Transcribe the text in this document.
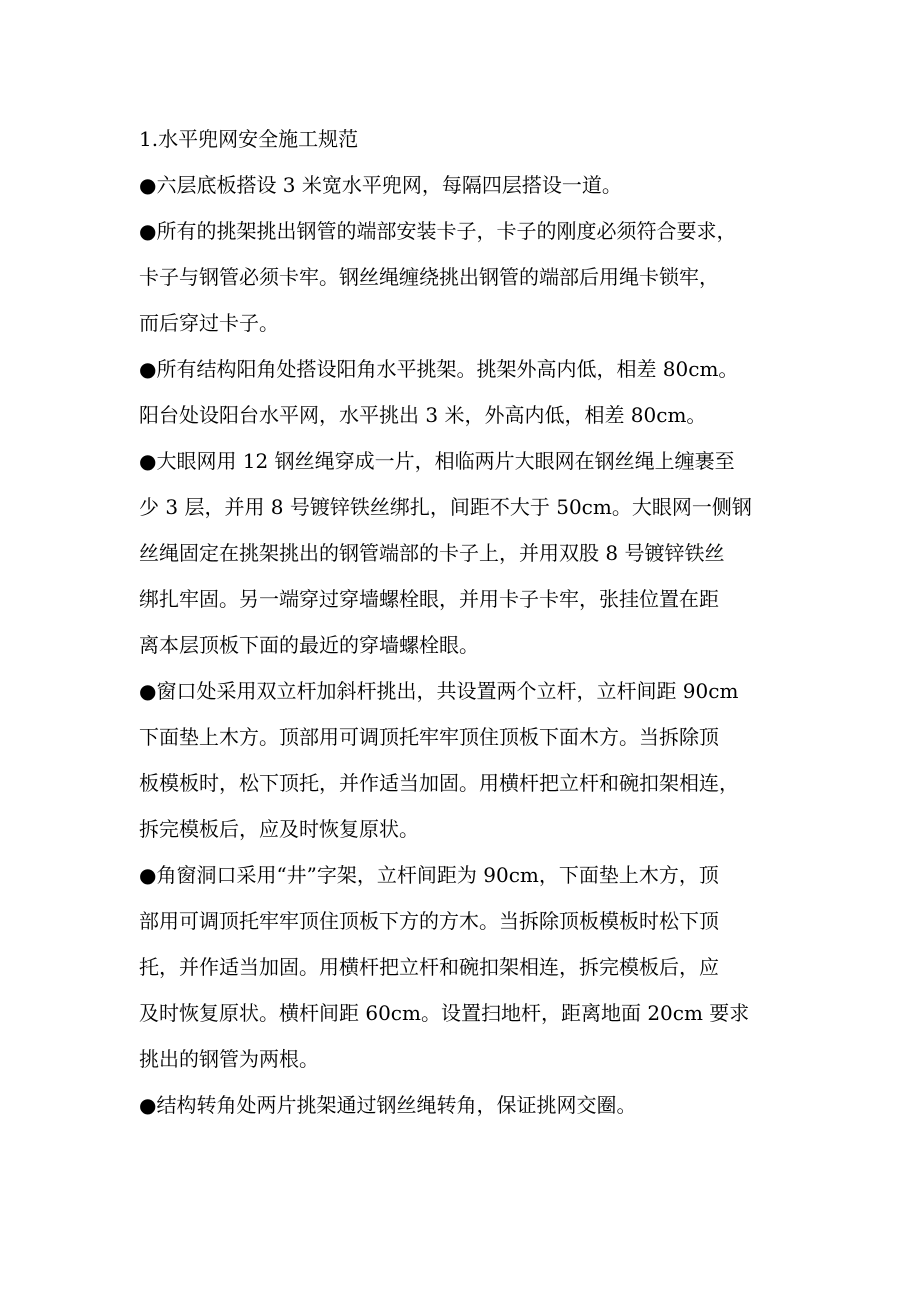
1.水平兜网安全施工规范
●六层底板搭设 3 米宽水平兜网，每隔四层搭设一道。
●所有的挑架挑出钢管的端部安装卡子，卡子的刚度必须符合要求，
卡子与钢管必须卡牢。钢丝绳缠绕挑出钢管的端部后用绳卡锁牢，
而后穿过卡子。
●所有结构阳角处搭设阳角水平挑架。挑架外高内低，相差 80cm。
阳台处设阳台水平网，水平挑出 3 米，外高内低，相差 80cm。
●大眼网用 12 钢丝绳穿成一片，相临两片大眼网在钢丝绳上缠裹至
少 3 层，并用 8 号镀锌铁丝绑扎，间距不大于 50cm。大眼网一侧钢
丝绳固定在挑架挑出的钢管端部的卡子上，并用双股 8 号镀锌铁丝
绑扎牢固。另一端穿过穿墙螺栓眼，并用卡子卡牢，张挂位置在距
离本层顶板下面的最近的穿墙螺栓眼。
●窗口处采用双立杆加斜杆挑出，共设置两个立杆，立杆间距 90cm
下面垫上木方。顶部用可调顶托牢牢顶住顶板下面木方。当拆除顶
板模板时，松下顶托，并作适当加固。用横杆把立杆和碗扣架相连，
拆完模板后，应及时恢复原状。
●角窗洞口采用“井”字架，立杆间距为 90cm，下面垫上木方，顶
部用可调顶托牢牢顶住顶板下方的方木。当拆除顶板模板时松下顶
托，并作适当加固。用横杆把立杆和碗扣架相连，拆完模板后，应
及时恢复原状。横杆间距 60cm。设置扫地杆，距离地面 20cm 要求
挑出的钢管为两根。
●结构转角处两片挑架通过钢丝绳转角，保证挑网交圈。
